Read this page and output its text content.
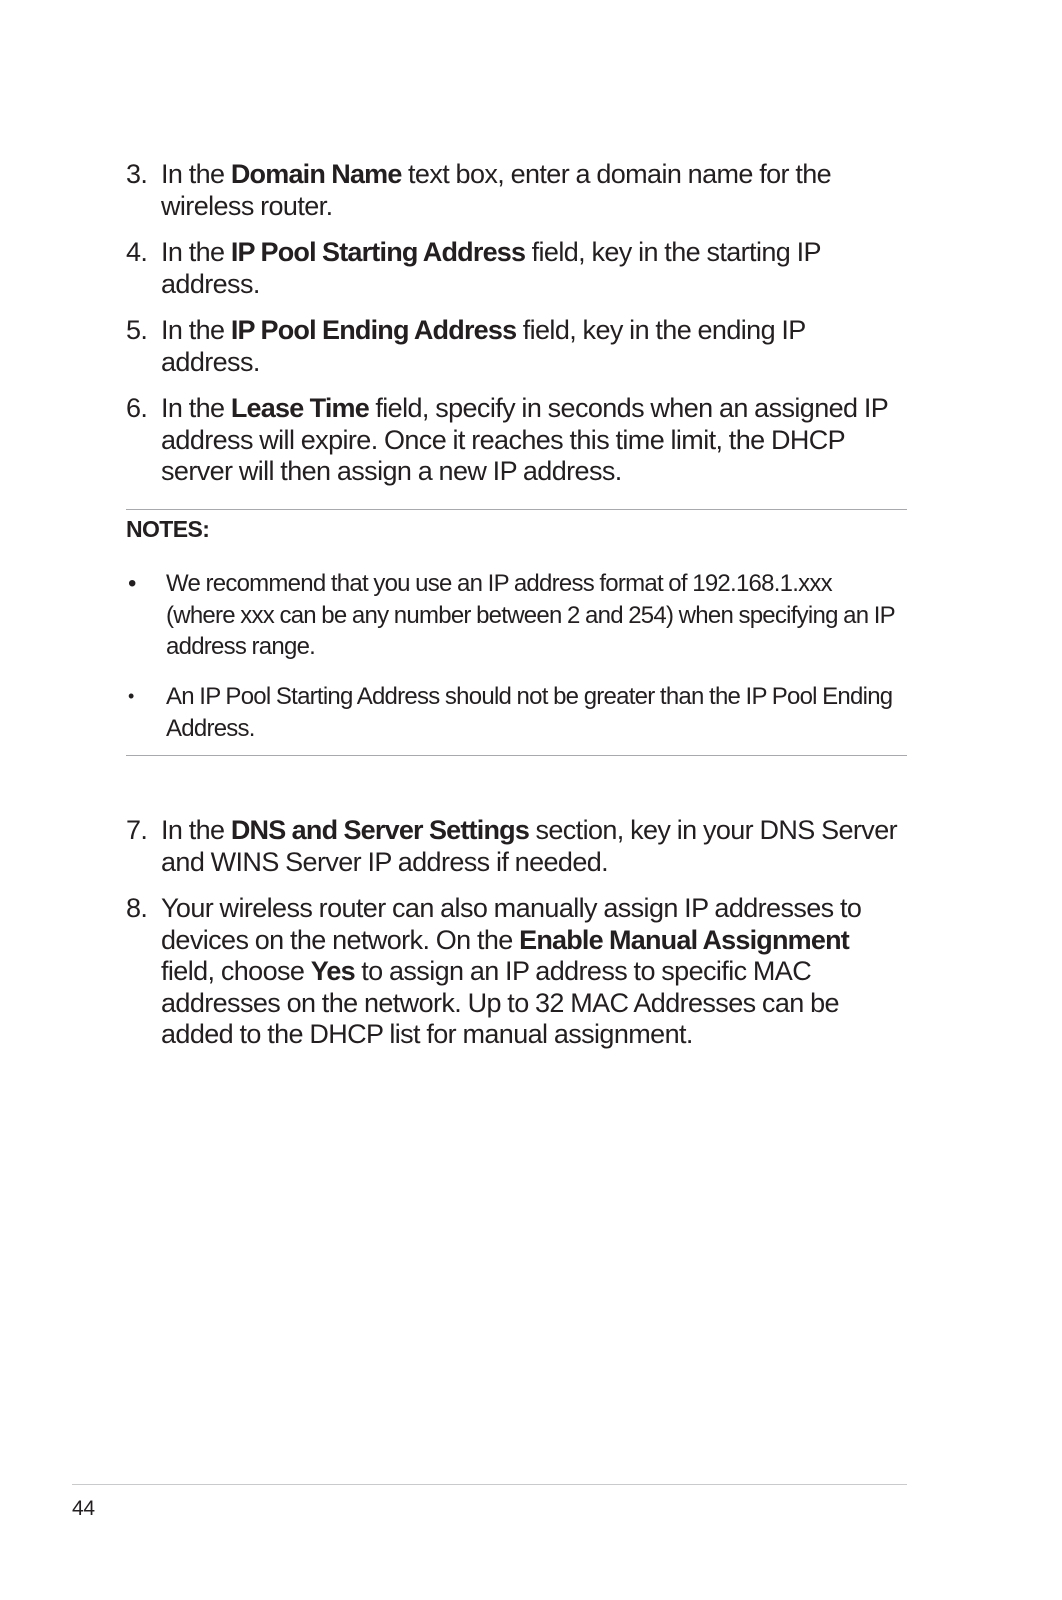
3. In the Domain Name text box, enter a domain name for the wireless router.
4. In the IP Pool Starting Address field, key in the starting IP address.
5. In the IP Pool Ending Address field, key in the ending IP address.
6. In the Lease Time field, specify in seconds when an assigned IP address will expire. Once it reaches this time limit, the DHCP server will then assign a new IP address.
NOTES:
• We recommend that you use an IP address format of 192.168.1.xxx (where xxx can be any number between 2 and 254) when specifying an IP address range.
• An IP Pool Starting Address should not be greater than the IP Pool Ending Address.
7. In the DNS and Server Settings section, key in your DNS Server and WINS Server IP address if needed.
8. Your wireless router can also manually assign IP addresses to devices on the network. On the Enable Manual Assignment field, choose Yes to assign an IP address to specific MAC addresses on the network. Up to 32 MAC Addresses can be added to the DHCP list for manual assignment.
44
